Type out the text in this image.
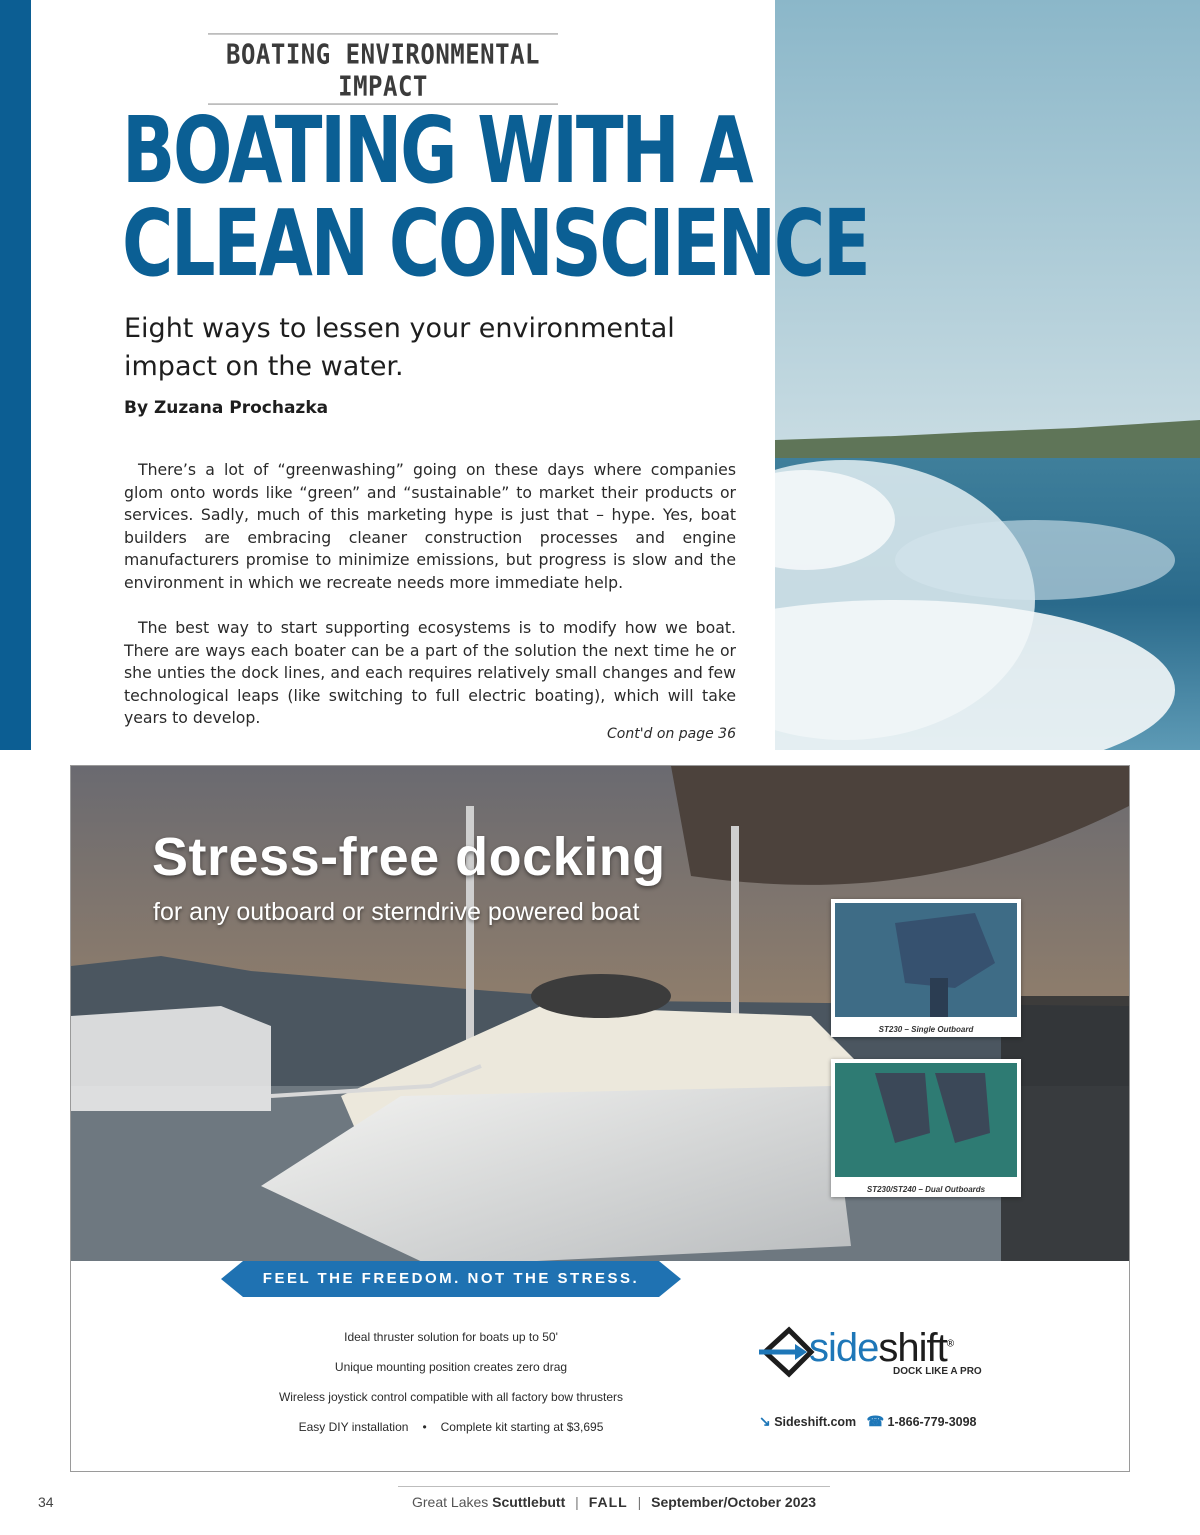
BOATING ENVIRONMENTAL IMPACT
BOATING WITH A
CLEAN CONSCIENCE
Eight ways to lessen your environmental impact on the water.
By Zuzana Prochazka

There’s a lot of “greenwashing” going on these days where companies glom onto words like “green” and “sustainable” to market their products or services. Sadly, much of this marketing hype is just that – hype. Yes, boat builders are embracing cleaner construction processes and engine manufacturers promise to minimize emissions, but progress is slow and the environment in which we recreate needs more immediate help.

The best way to start supporting ecosystems is to modify how we boat. There are ways each boater can be a part of the solution the next time he or she unties the dock lines, and each requires relatively small changes and few technological leaps (like switching to full electric boating), which will take years to develop.

Cont'd on page 36
Stress-free docking
for any outboard or sterndrive powered boat
ST230 – Single Outboard
ST230/ST240 – Dual Outboards
FEEL THE FREEDOM. NOT THE STRESS.
Ideal thruster solution for boats up to 50'
Unique mounting position creates zero drag
Wireless joystick control compatible with all factory bow thrusters
Easy DIY installation • Complete kit starting at $3,695
sideshift®
DOCK LIKE A PRO
↘ Sideshift.com ☎ 1-866-779-3098
34	Great Lakes Scuttlebutt | FALL | September/October 2023
